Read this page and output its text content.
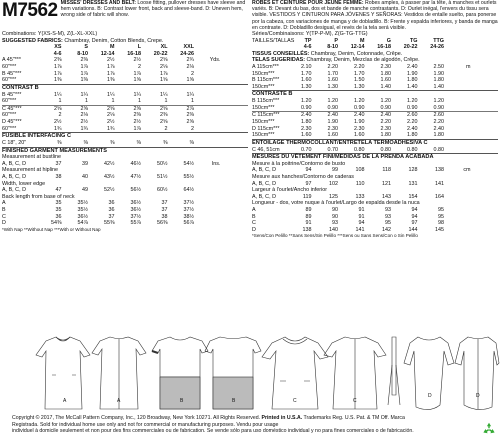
M7562 MISSES' DRESSES AND BELT: Loose fitting, pullover dresses have sleeve and hem variations. B: Contrast lower front, back and sleeve-band. D: Uneven hem, wrong side of fabric will show.
Combinations: Y(XS-S-M), Z(L-XL-XXL)
SUGGESTED FABRICS: Chambray, Denim, Cotton Blends, Crepe.
XS	S	M	L	XL	XXL
4-6	8-10	12-14	16-18	20-22	24-26
A 45"***	2⅜	2⅜	2½	2½	2⅝	2¾	Yds.
60"***	1⅞	1⅞	1⅞	2	2⅛	2⅛
B 45"***	1⅞	1⅞	1⅞	1⅞	1⅞	2
60"***	1⅜	1⅜	1⅜	1⅝	1⅝	1⅝
CONTRAST B
B 45"***	1¼	1¼	1¼	1¼	1¼	1¼
60"***	1	1	1	1	1	1
C 45"***	2⅝	2⅝	2⅝	2⅝	2⅝	2⅞
60"***	2	2⅛	2⅛	2⅜	2⅜	2⅜
D 45"***	2½	2½	2½	2½	2⅝	2⅝
60"***	1¾	1¾	1¾	1⅞	2	2
FUSIBLE INTERFACING C
C 18", 20"	⅜	⅜	⅜	⅜	⅜	⅜
FINISHED GARMENT MEASUREMENTS
Measurement at bustline
A, B, C, D	37	39	42½	46½	50½	54½	Ins.
Measurement at hipline
A, B, C, D	38	40	43½	47½	51½	55½
Width, lower edge
A, B, C, D	47	49	52½	56½	60½	64½
Back length from base of neck
A	35	35½	36	36½	37	37½
B	35	35½	36	36½	37	37½
C	36	36½	37	37½	38	38½
D	54⅜	54⅞	55⅜	55⅞	56⅜	56⅞
*With Nap **Without Nap ***With or Without Nap
ROBES ET CEINTURE POUR JEUNE FEMME: Robes amples, à passer par la tête, à manches et ourlets variés. B: Devant du bas, dos et bande de manche contrastants. D: Ourlet inégal, l'envers du tissu sera visible. VESTIDOS Y CINTURON PARA JÓVENES Y SEÑORAS: Vestidos de entalle suelto, para ponerse por la cabeza, con variaciones de manga y de dobladillo. B: Frente y espalda inferiores, y banda de manga en contraste. D: Dobladillo desigual, el revés de la tela será visible.
Séries/Combinaisons: Y(TP-P-M), Z(G-TG-TTG)
TAILLES/TALLAS	TP	P	M	G	TG	TTG
4-6	8-10	12-14	16-18	20-22	24-26
TISSUS CONSEILLÉS: Chambray, Denim, Cotonnade, Crêpe.
TELAS SUGERIDAS: Chambray, Denim, Mezclas de algodón, Crêpe.
A 115cm***	2.10	2.20	2.20	2.30	2.40	2.50	m
150cm***	1.70	1.70	1.70	1.80	1.90	1.90
B 115cm***	1.60	1.60	1.50	1.60	1.80	1.80
150cm***	1.30	1.30	1.30	1.40	1.40	1.40
CONTRASTE B
B 115cm***	1.20	1.20	1.20	1.20	1.20	1.20
150cm***	0.90	0.90	0.90	0.90	0.90	0.90
C 115cm***	2.40	2.40	2.40	2.40	2.60	2.60
150cm***	1.80	1.90	1.90	2.20	2.20	2.20
D 115cm***	2.30	2.30	2.30	2.30	2.40	2.40
150cm***	1.60	1.60	1.60	1.80	1.80	1.80
ENTOILAGE THERMOCOLLANT/ENTRETELA TERMOADHESIVA C
C 46, 51cm	0.70	0.70	0.80	0.80	0.80	0.80
MESURES DU VÊTEMENT FINI/MEDIDAS DE LA PRENDA ACABADA
Mesure à la poitrine/Contorno de busto
A, B, C, D	94	99	108	118	128	138	cm
Mesure aux hanches/Contorno de caderas
A, B, C, D	97	102	110	121	131	141
Largeur à l'ourlet/Ancho inferior
A, B, C, D	119	125	133	143	154	164
Longueur - dos, votre nuque à l'ourlet/Largo de espalda desde la nuca
A	89	90	91	93	94	95
B	89	90	91	93	94	95
C	91	93	94	95	97	98
D	138	140	141	142	144	145
*Sens/Con Pelillo **Sans Sens/Sin Pelillo ***Sens ou Sans Sens/Con o Sin Pelillo
A	A	B	B	C	C
D	D
Copyright © 2017, The McCall Pattern Company, Inc., 120 Broadway, New York 10271. All Rights Reserved. Printed in U.S.A. Trademarks Reg. U.S. Pat. & TM Off. Marca
Registrada. Sold for individual home use only and not for commercial or manufacturing purposes. Vendu pour usage
individuel à domicile seulement et non pour des fins commerciales ou de fabrication. Se vende sólo para uso doméstico individual y no para fines comerciales o de fabricación.
